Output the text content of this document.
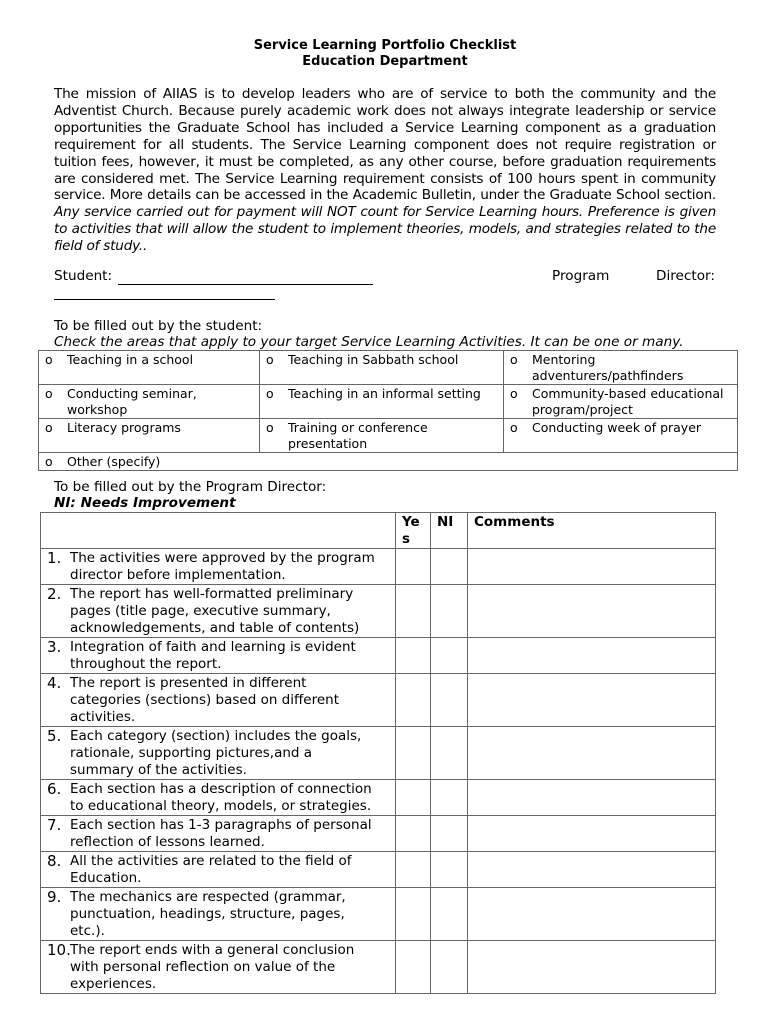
Service Learning Portfolio Checklist
Education Department
The mission of AIIAS is to develop leaders who are of service to both the community and the Adventist Church. Because purely academic work does not always integrate leadership or service opportunities the Graduate School has included a Service Learning component as a graduation requirement for all students. The Service Learning component does not require registration or tuition fees, however, it must be completed, as any other course, before graduation requirements are considered met. The Service Learning requirement consists of 100 hours spent in community service. More details can be accessed in the Academic Bulletin, under the Graduate School section. Any service carried out for payment will NOT count for Service Learning hours. Preference is given to activities that will allow the student to implement theories, models, and strategies related to the field of study..
Student:	Program	Director:
To be filled out by the student:
Check the areas that apply to your target Service Learning Activities. It can be one or many.
o Teaching in a school	o Teaching in Sabbath school	o Mentoring adventurers/pathfinders
o Conducting seminar, workshop	o Teaching in an informal setting	o Community-based educational program/project
o Literacy programs	o Training or conference presentation	o Conducting week of prayer
o Other (specify)		
To be filled out by the Program Director:
NI: Needs Improvement
	Ye s	NI	Comments
1. The activities were approved by the program director before implementation.			
2. The report has well-formatted preliminary pages (title page, executive summary, acknowledgements, and table of contents)			
3. Integration of faith and learning is evident throughout the report.			
4. The report is presented in different categories (sections) based on different activities.			
5. Each category (section) includes the goals, rationale, supporting pictures,and a summary of the activities.			
6. Each section has a description of connection to educational theory, models, or strategies.			
7. Each section has 1-3 paragraphs of personal reflection of lessons learned.			
8. All the activities are related to the field of Education.			
9. The mechanics are respected (grammar, punctuation, headings, structure, pages, etc.).			
10.The report ends with a general conclusion with personal reflection on value of the experiences.			
